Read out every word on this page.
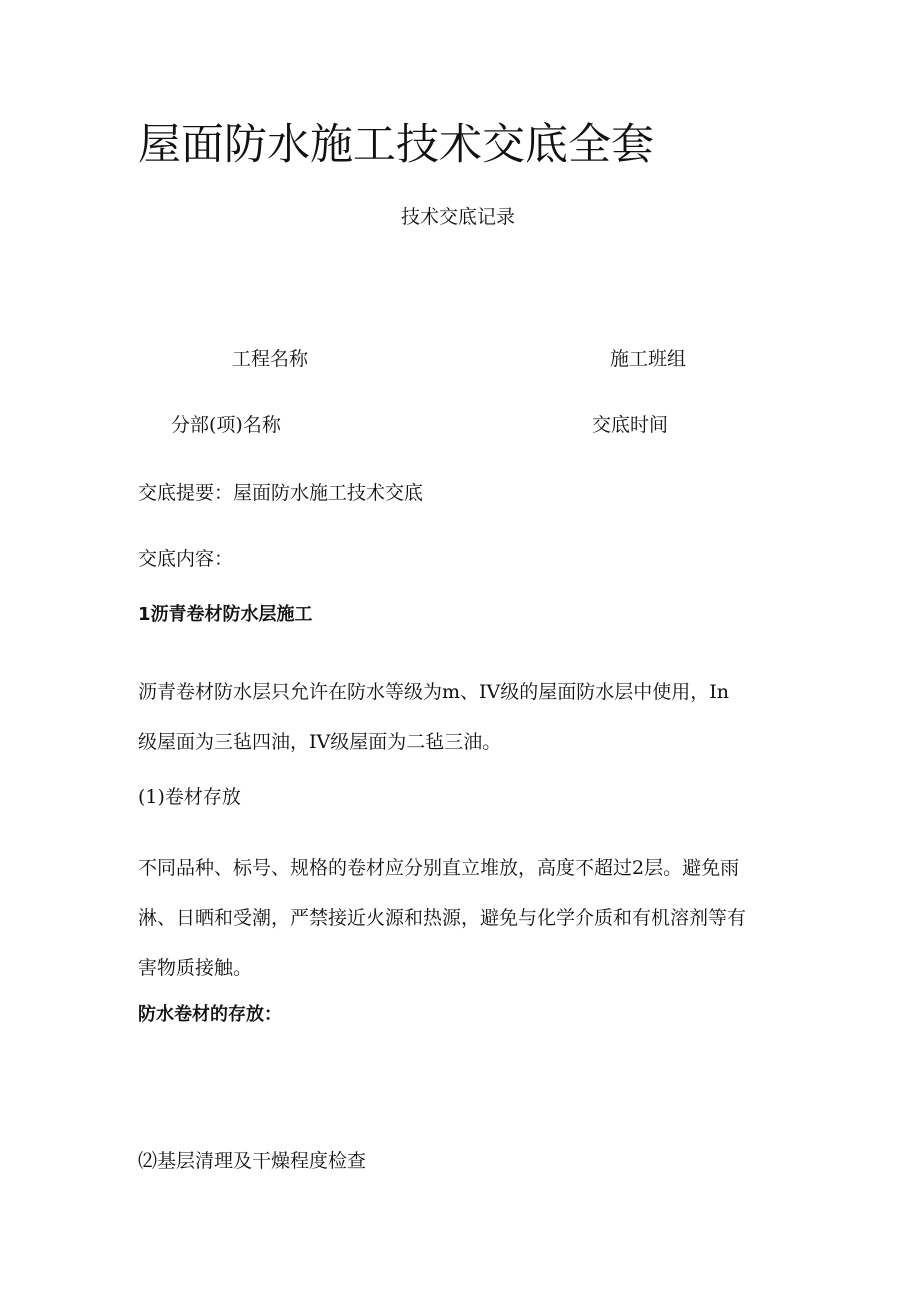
屋面防水施工技术交底全套
技术交底记录
工程名称	施工班组
分部(项)名称	交底时间
交底提要：屋面防水施工技术交底
交底内容：
1沥青卷材防水层施工
沥青卷材防水层只允许在防水等级为m、IV级的屋面防水层中使用，In
级屋面为三毡四油，IV级屋面为二毡三油。
(1)卷材存放
不同品种、标号、规格的卷材应分别直立堆放，高度不超过2层。避免雨
淋、日晒和受潮，严禁接近火源和热源，避免与化学介质和有机溶剂等有
害物质接触。
防水卷材的存放：
⑵基层清理及干燥程度检查
